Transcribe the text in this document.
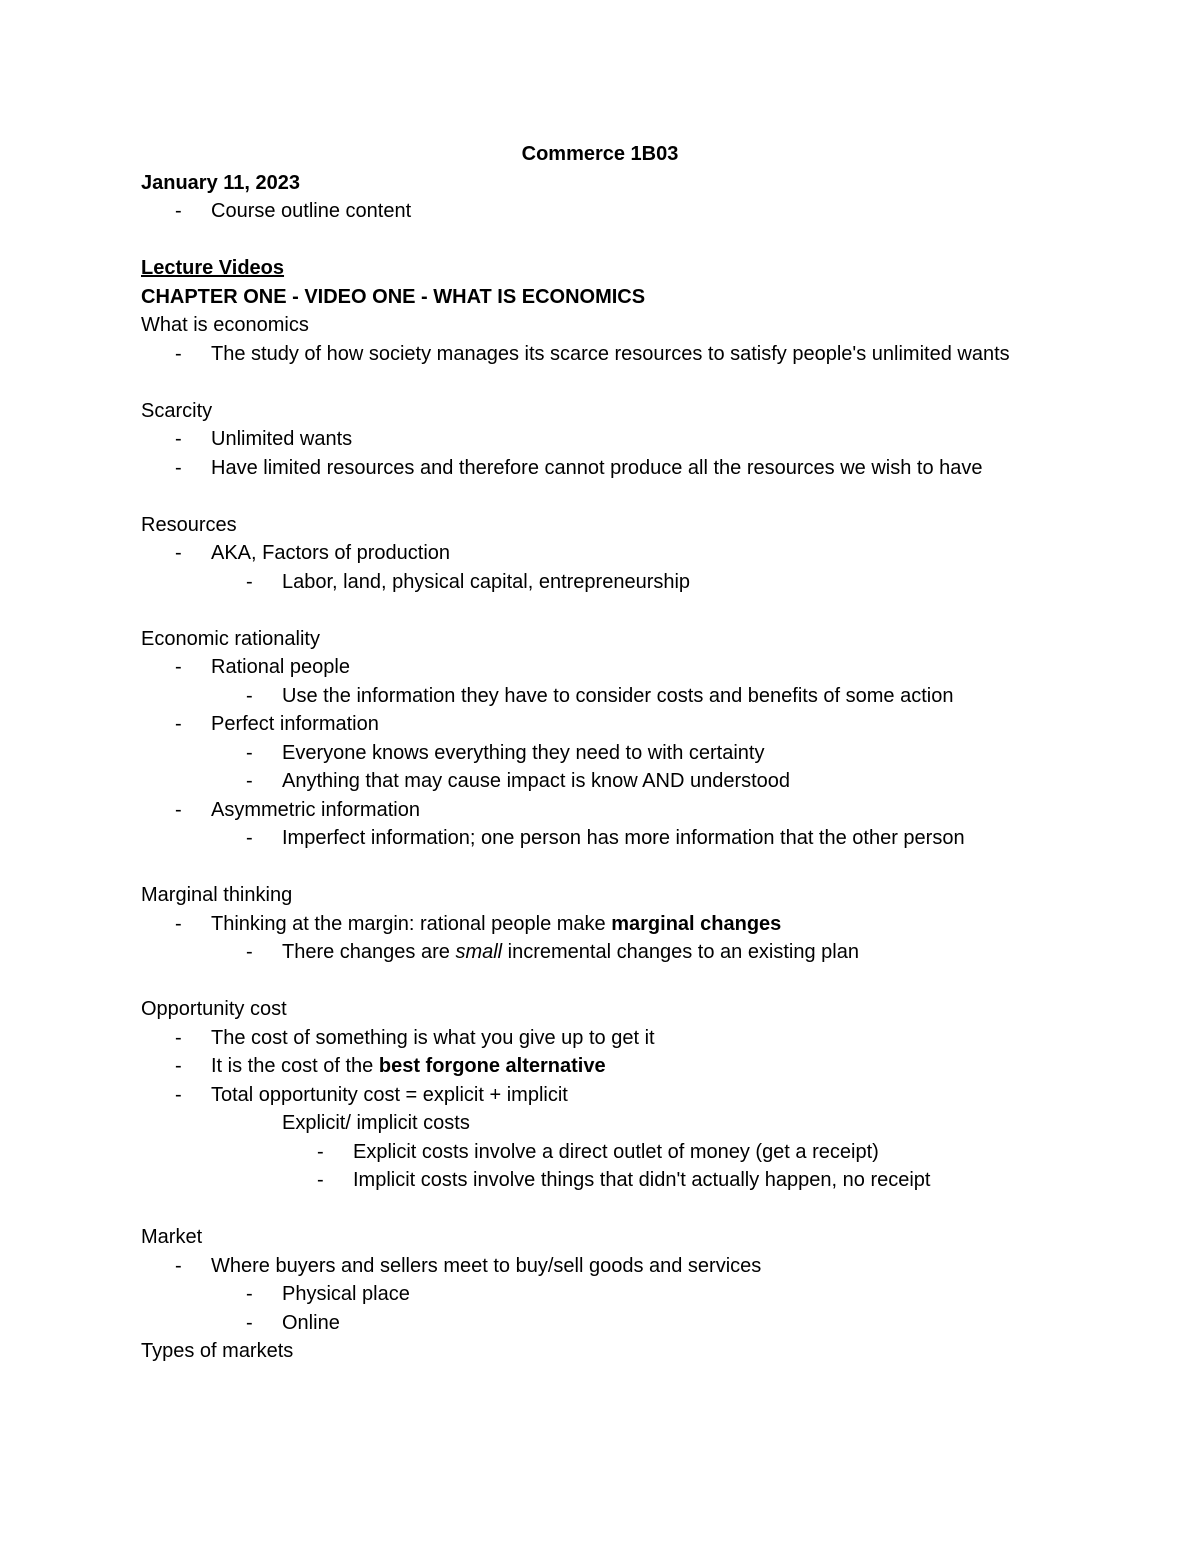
Commerce 1B03
January 11, 2023
- Course outline content
Lecture Videos
CHAPTER ONE - VIDEO ONE - WHAT IS ECONOMICS
What is economics
- The study of how society manages its scarce resources to satisfy people's unlimited wants
Scarcity
- Unlimited wants
- Have limited resources and therefore cannot produce all the resources we wish to have
Resources
- AKA, Factors of production
- Labor, land, physical capital, entrepreneurship
Economic rationality
- Rational people
- Use the information they have to consider costs and benefits of some action
- Perfect information
- Everyone knows everything they need to with certainty
- Anything that may cause impact is know AND understood
- Asymmetric information
- Imperfect information; one person has more information that the other person
Marginal thinking
- Thinking at the margin: rational people make marginal changes
- There changes are small incremental changes to an existing plan
Opportunity cost
- The cost of something is what you give up to get it
- It is the cost of the best forgone alternative
- Total opportunity cost = explicit + implicit
Explicit/ implicit costs
- Explicit costs involve a direct outlet of money (get a receipt)
- Implicit costs involve things that didn't actually happen, no receipt
Market
- Where buyers and sellers meet to buy/sell goods and services
- Physical place
- Online
Types of markets
